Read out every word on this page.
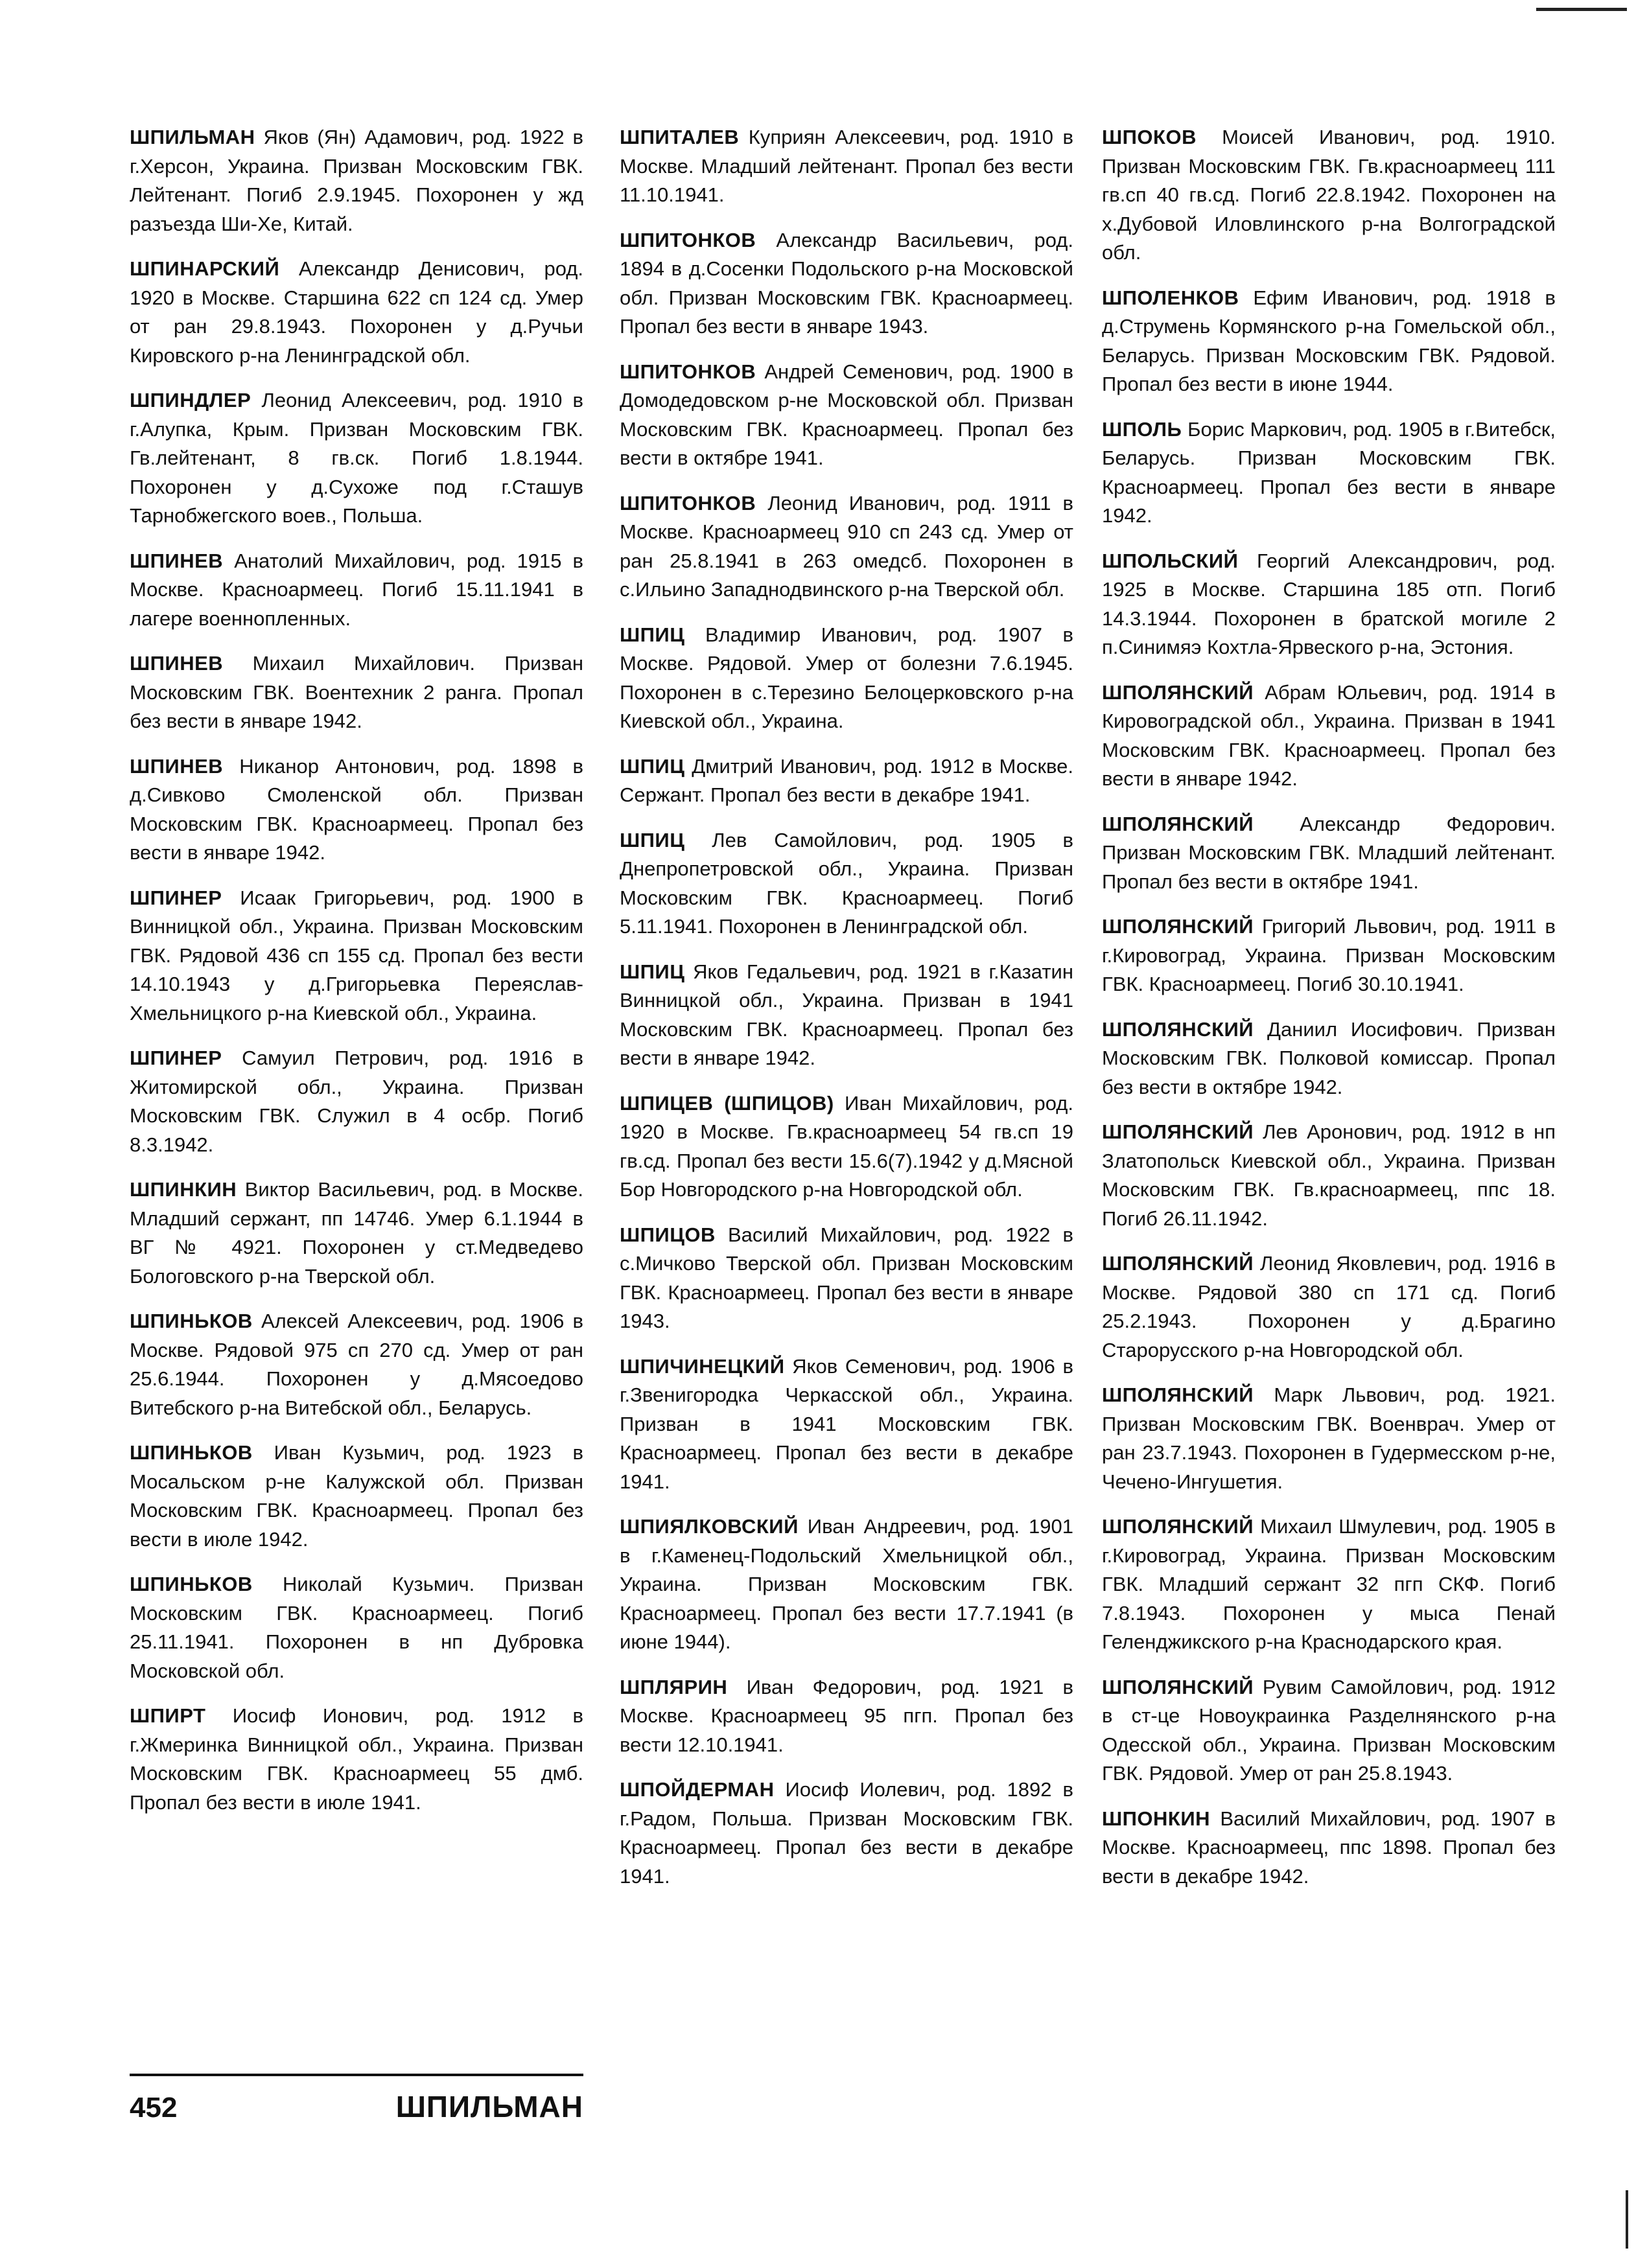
ШПИЛЬМАН Яков (Ян) Адамович, род. 1922 в г.Херсон, Украина. Призван Московским ГВК. Лейтенант. Погиб 2.9.1945. Похоронен у жд разъезда Ши-Хе, Китай.

ШПИНАРСКИЙ Александр Денисович, род. 1920 в Москве. Старшина 622 сп 124 сд. Умер от ран 29.8.1943. Похоронен у д.Ручьи Кировского р-на Ленинградской обл.

ШПИНДЛЕР Леонид Алексеевич, род. 1910 в г.Алупка, Крым. Призван Московским ГВК. Гв.лейтенант, 8 гв.ск. Погиб 1.8.1944. Похоронен у д.Сухоже под г.Сташув Тарнобжегского воев., Польша.

ШПИНЕВ Анатолий Михайлович, род. 1915 в Москве. Красноармеец. Погиб 15.11.1941 в лагере военнопленных.

ШПИНЕВ Михаил Михайлович. Призван Московским ГВК. Воентехник 2 ранга. Пропал без вести в январе 1942.

ШПИНЕВ Никанор Антонович, род. 1898 в д.Сивково Смоленской обл. Призван Московским ГВК. Красноармеец. Пропал без вести в январе 1942.

ШПИНЕР Исаак Григорьевич, род. 1900 в Винницкой обл., Украина. Призван Московским ГВК. Рядовой 436 сп 155 сд. Пропал без вести 14.10.1943 у д.Григорьевка Переяслав-Хмельницкого р-на Киевской обл., Украина.

ШПИНЕР Самуил Петрович, род. 1916 в Житомирской обл., Украина. Призван Московским ГВК. Служил в 4 осбр. Погиб 8.3.1942.

ШПИНКИН Виктор Васильевич, род. в Москве. Младший сержант, пп 14746. Умер 6.1.1944 в ВГ № 4921. Похоронен у ст.Медведево Бологовского р-на Тверской обл.

ШПИНЬКОВ Алексей Алексеевич, род. 1906 в Москве. Рядовой 975 сп 270 сд. Умер от ран 25.6.1944. Похоронен у д.Мясоедово Витебского р-на Витебской обл., Беларусь.

ШПИНЬКОВ Иван Кузьмич, род. 1923 в Мосальском р-не Калужской обл. Призван Московским ГВК. Красноармеец. Пропал без вести в июле 1942.

ШПИНЬКОВ Николай Кузьмич. Призван Московским ГВК. Красноармеец. Погиб 25.11.1941. Похоронен в нп Дубровка Московской обл.

ШПИРТ Иосиф Ионович, род. 1912 в г.Жмеринка Винницкой обл., Украина. Призван Московским ГВК. Красноармеец 55 дмб. Пропал без вести в июле 1941.

ШПИТАЛЕВ Куприян Алексеевич, род. 1910 в Москве. Младший лейтенант. Пропал без вести 11.10.1941.

ШПИТОНКОВ Александр Васильевич, род. 1894 в д.Сосенки Подольского р-на Московской обл. Призван Московским ГВК. Красноармеец. Пропал без вести в январе 1943.

ШПИТОНКОВ Андрей Семенович, род. 1900 в Домодедовском р-не Московской обл. Призван Московским ГВК. Красноармеец. Пропал без вести в октябре 1941.

ШПИТОНКОВ Леонид Иванович, род. 1911 в Москве. Красноармеец 910 сп 243 сд. Умер от ран 25.8.1941 в 263 омедсб. Похоронен в с.Ильино Западнодвинского р-на Тверской обл.

ШПИЦ Владимир Иванович, род. 1907 в Москве. Рядовой. Умер от болезни 7.6.1945. Похоронен в с.Терезино Белоцерковского р-на Киевской обл., Украина.

ШПИЦ Дмитрий Иванович, род. 1912 в Москве. Сержант. Пропал без вести в декабре 1941.

ШПИЦ Лев Самойлович, род. 1905 в Днепропетровской обл., Украина. Призван Московским ГВК. Красноармеец. Погиб 5.11.1941. Похоронен в Ленинградской обл.

ШПИЦ Яков Гедальевич, род. 1921 в г.Казатин Винницкой обл., Украина. Призван в 1941 Московским ГВК. Красноармеец. Пропал без вести в январе 1942.

ШПИЦЕВ (ШПИЦОВ) Иван Михайлович, род. 1920 в Москве. Гв.красноармеец 54 гв.сп 19 гв.сд. Пропал без вести 15.6(7).1942 у д.Мясной Бор Новгородского р-на Новгородской обл.

ШПИЦОВ Василий Михайлович, род. 1922 в с.Мичково Тверской обл. Призван Московским ГВК. Красноармеец. Пропал без вести в январе 1943.

ШПИЧИНЕЦКИЙ Яков Семенович, род. 1906 в г.Звенигородка Черкасской обл., Украина. Призван в 1941 Московским ГВК. Красноармеец. Пропал без вести в декабре 1941.

ШПИЯЛКОВСКИЙ Иван Андреевич, род. 1901 в г.Каменец-Подольский Хмельницкой обл., Украина. Призван Московским ГВК. Красноармеец. Пропал без вести 17.7.1941 (в июне 1944).

ШПЛЯРИН Иван Федорович, род. 1921 в Москве. Красноармеец 95 пгп. Пропал без вести 12.10.1941.

ШПОЙДЕРМАН Иосиф Иолевич, род. 1892 в г.Радом, Польша. Призван Московским ГВК. Красноармеец. Пропал без вести в декабре 1941.

ШПОКОВ Моисей Иванович, род. 1910. Призван Московским ГВК. Гв.красноармеец 111 гв.сп 40 гв.сд. Погиб 22.8.1942. Похоронен на х.Дубовой Иловлинского р-на Волгоградской обл.

ШПОЛЕНКОВ Ефим Иванович, род. 1918 в д.Струмень Кормянского р-на Гомельской обл., Беларусь. Призван Московским ГВК. Рядовой. Пропал без вести в июне 1944.

ШПОЛЬ Борис Маркович, род. 1905 в г.Витебск, Беларусь. Призван Московским ГВК. Красноармеец. Пропал без вести в январе 1942.

ШПОЛЬСКИЙ Георгий Александрович, род. 1925 в Москве. Старшина 185 отп. Погиб 14.3.1944. Похоронен в братской могиле 2 п.Синимяэ Кохтла-Ярвеского р-на, Эстония.

ШПОЛЯНСКИЙ Абрам Юльевич, род. 1914 в Кировоградской обл., Украина. Призван в 1941 Московским ГВК. Красноармеец. Пропал без вести в январе 1942.

ШПОЛЯНСКИЙ Александр Федорович. Призван Московским ГВК. Младший лейтенант. Пропал без вести в октябре 1941.

ШПОЛЯНСКИЙ Григорий Львович, род. 1911 в г.Кировоград, Украина. Призван Московским ГВК. Красноармеец. Погиб 30.10.1941.

ШПОЛЯНСКИЙ Даниил Иосифович. Призван Московским ГВК. Полковой комиссар. Пропал без вести в октябре 1942.

ШПОЛЯНСКИЙ Лев Аронович, род. 1912 в нп Златопольск Киевской обл., Украина. Призван Московским ГВК. Гв.красноармеец, ппс 18. Погиб 26.11.1942.

ШПОЛЯНСКИЙ Леонид Яковлевич, род. 1916 в Москве. Рядовой 380 сп 171 сд. Погиб 25.2.1943. Похоронен у д.Брагино Старорусского р-на Новгородской обл.

ШПОЛЯНСКИЙ Марк Львович, род. 1921. Призван Московским ГВК. Военврач. Умер от ран 23.7.1943. Похоронен в Гудермесском р-не, Чечено-Ингушетия.

ШПОЛЯНСКИЙ Михаил Шмулевич, род. 1905 в г.Кировоград, Украина. Призван Московским ГВК. Младший сержант 32 пгп СКФ. Погиб 7.8.1943. Похоронен у мыса Пенай Геленджикского р-на Краснодарского края.

ШПОЛЯНСКИЙ Рувим Самойлович, род. 1912 в ст-це Новоукраинка Разделнянского р-на Одесской обл., Украина. Призван Московским ГВК. Рядовой. Умер от ран 25.8.1943.

ШПОНКИН Василий Михайлович, род. 1907 в Москве. Красноармеец, ппс 1898. Пропал без вести в декабре 1942.

452	ШПИЛЬМАН
